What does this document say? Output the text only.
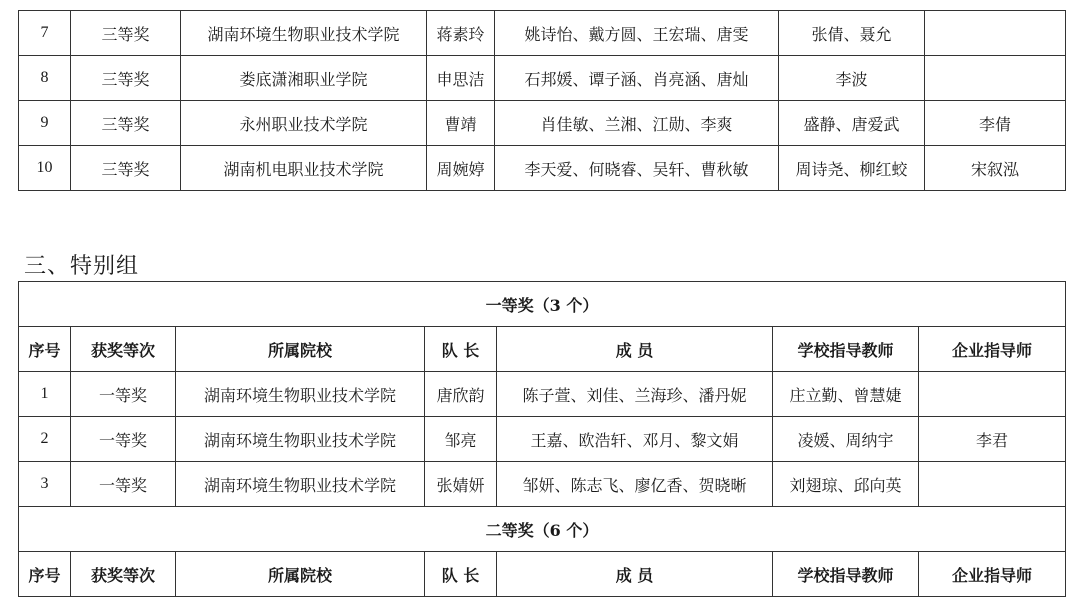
7	三等奖	湖南环境生物职业技术学院	蒋素玲	姚诗怡、戴方圆、王宏瑞、唐雯	张倩、聂允	
8	三等奖	娄底潇湘职业学院	申思洁	石邦媛、谭子涵、肖亮涵、唐灿	李波	
9	三等奖	永州职业技术学院	曹靖	肖佳敏、兰湘、江勋、李爽	盛静、唐爱武	李倩
10	三等奖	湖南机电职业技术学院	周婉婷	李天爱、何晓睿、吴轩、曹秋敏	周诗尧、柳红蛟	宋叙泓
三、特别组
一等奖（3 个）						
序号	获奖等次	所属院校	队 长	成 员	学校指导教师	企业指导师
1	一等奖	湖南环境生物职业技术学院	唐欣韵	陈子萱、刘佳、兰海珍、潘丹妮	庄立勤、曾慧婕	
2	一等奖	湖南环境生物职业技术学院	邹亮	王嘉、欧浩轩、邓月、黎文娟	凌媛、周纳宇	李君
3	一等奖	湖南环境生物职业技术学院	张婧妍	邹妍、陈志飞、廖亿香、贺晓晰	刘翅琼、邱向英	
二等奖（6 个）						
序号	获奖等次	所属院校	队 长	成 员	学校指导教师	企业指导师
